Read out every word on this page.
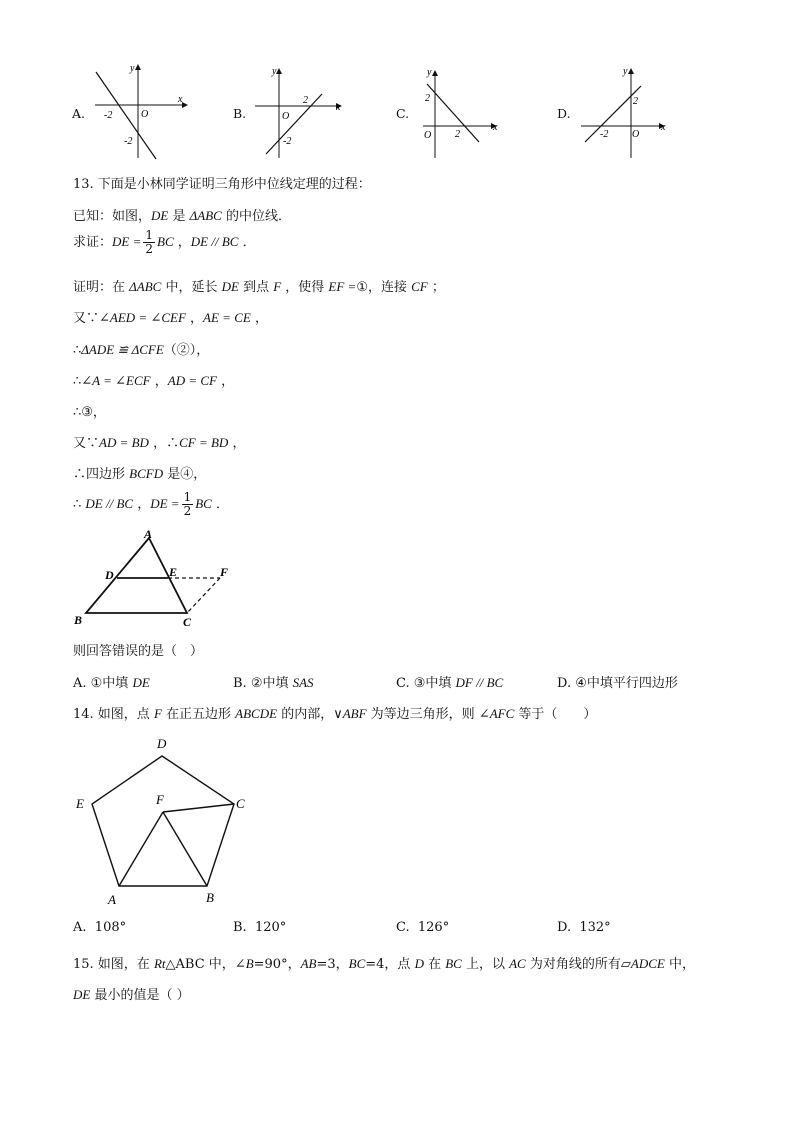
A.
x
y
-2	O
-2
B.	x
y
2
O
-2
C.
x
y
2
O 2
D.
x
y
2
-2 O
13. 下面是小林同学证明三角形中位线定理的过程：
已知：如图，DE 是 ΔABC 的中位线．
求证：DE = $\frac{1}{2}$ BC ，DE // BC ．
证明：在 ΔABC 中，延长 DE 到点 F ，使得 EF =①，连接 CF ；
又∵∠AED = ∠CEF ，AE = CE ，
∴ΔADE ≌ ΔCFE（②），
∴∠A = ∠ECF ，AD = CF ，
∴③，
又∵AD = BD ，∴CF = BD ，
∴四边形 BCFD 是④，
∴ DE // BC ，DE = $\frac{1}{2}$ BC ．
A
D	E	F
B	C
则回答错误的是（　）
A. ①中填 DE	B. ②中填 SAS	C. ③中填 DF // BC	D. ④中填平行四边形
14. 如图，点 F 在正五边形 ABCDE 的内部，∨ABF 为等边三角形，则 ∠AFC 等于（　　）
D
C
B
A
E	F
A. 108°	B. 120°	C. 126°	D. 132°
15. 如图，在 Rt△ABC 中，∠B=90°，AB=3，BC=4，点 D 在 BC 上，以 AC 为对角线的所有▱ADCE 中，
DE 最小的值是（ ）
